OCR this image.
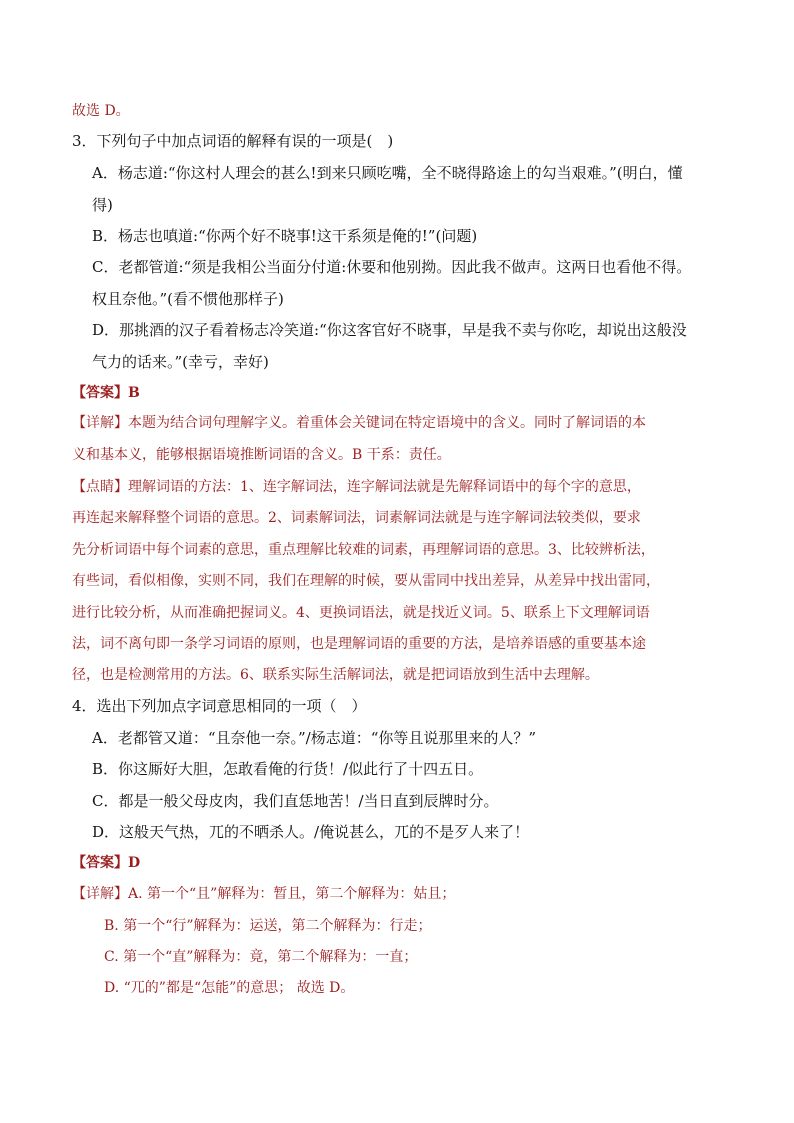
故选 D。
3．下列句子中加点词语的解释有误的一项是(　)
A．杨志道:“你这村人理会的甚么!到来只顾吃嘴，全不晓得路途上的勾当艰难。”(明白，懂
得)
B．杨志也嗔道:“你两个好不晓事!这干系须是俺的!”(问题)
C．老都管道:“须是我相公当面分付道:休要和他别拗。因此我不做声。这两日也看他不得。
权且奈他。”(看不惯他那样子)
D．那挑酒的汉子看着杨志冷笑道:“你这客官好不晓事，早是我不卖与你吃，却说出这般没
气力的话来。”(幸亏，幸好)
【答案】B
【详解】本题为结合词句理解字义。着重体会关键词在特定语境中的含义。同时了解词语的本
义和基本义，能够根据语境推断词语的含义。B 干系：责任。
【点睛】理解词语的方法：1、连字解词法，连字解词法就是先解释词语中的每个字的意思，
再连起来解释整个词语的意思。2、词素解词法，词素解词法就是与连字解词法较类似，要求
先分析词语中每个词素的意思，重点理解比较难的词素，再理解词语的意思。3、比较辨析法，
有些词，看似相像，实则不同，我们在理解的时候，要从雷同中找出差异，从差异中找出雷同，
进行比较分析，从而准确把握词义。4、更换词语法，就是找近义词。5、联系上下文理解词语
法，词不离句即一条学习词语的原则，也是理解词语的重要的方法，是培养语感的重要基本途
径，也是检测常用的方法。6、联系实际生活解词法，就是把词语放到生活中去理解。
4．选出下列加点字词意思相同的一项（　）
A．老都管又道：“且奈他一奈。”/杨志道：“你等且说那里来的人？”
B．你这厮好大胆，怎敢看俺的行货！/似此行了十四五日。
C．都是一般父母皮肉，我们直恁地苦！/当日直到辰牌时分。
D．这般天气热，兀的不晒杀人。/俺说甚么，兀的不是歹人来了！
【答案】D
【详解】A. 第一个“且”解释为：暂且，第二个解释为：姑且；
B. 第一个“行”解释为：运送，第二个解释为：行走；
C. 第一个“直”解释为：竟，第二个解释为：一直；
D. “兀的”都是“怎能”的意思； 故选 D。
